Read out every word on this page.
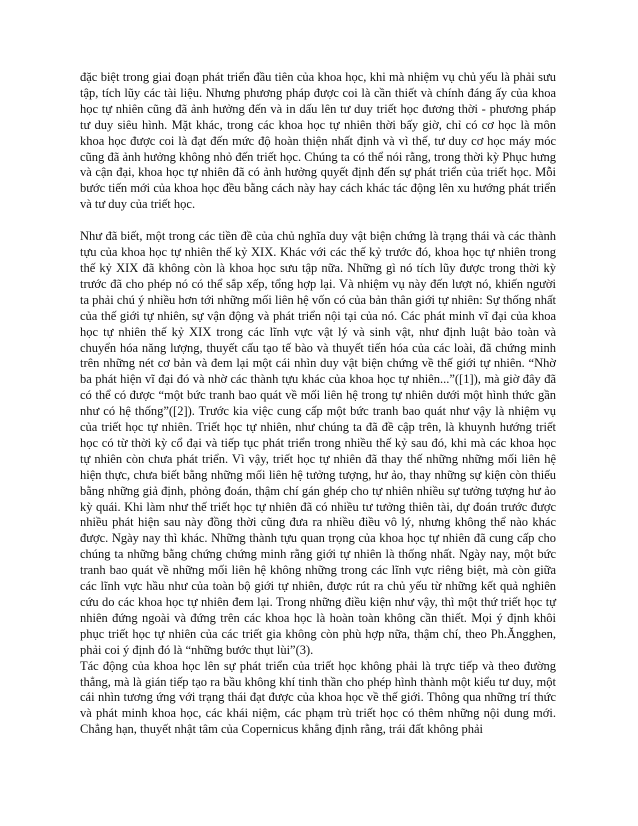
đặc biệt trong giai đoạn phát triển đầu tiên của khoa học, khi mà nhiệm vụ chủ yếu là phải sưu tập, tích lũy các tài liệu. Nhưng phương pháp được coi là cần thiết và chính đáng ấy của khoa học tự nhiên cũng đã ảnh hưởng đến và in dấu lên tư duy triết học đương thời - phương pháp tư duy siêu hình. Mặt khác, trong các khoa học tự nhiên thời bấy giờ, chỉ có cơ học là môn khoa học được coi là đạt đến mức độ hoàn thiện nhất định và vì thế, tư duy cơ học máy móc cũng đã ảnh hưởng không nhỏ đến triết học. Chúng ta có thể nói rằng, trong thời kỳ Phục hưng và cận đại, khoa học tự nhiên đã có ảnh hưởng quyết định đến sự phát triển của triết học. Mỗi bước tiến mới của khoa học đều bằng cách này hay cách khác tác động lên xu hướng phát triển và tư duy của triết học.

Như đã biết, một trong các tiền đề của chủ nghĩa duy vật biện chứng là trạng thái và các thành tựu của khoa học tự nhiên thế kỷ XIX. Khác với các thế kỷ trước đó, khoa học tự nhiên trong thế kỷ XIX đã không còn là khoa học sưu tập nữa. Những gì nó tích lũy được trong thời kỳ trước đã cho phép nó có thể sắp xếp, tổng hợp lại. Và nhiệm vụ này đến lượt nó, khiến người ta phải chú ý nhiều hơn tới những mối liên hệ vốn có của bản thân giới tự nhiên: Sự thống nhất của thế giới tự nhiên, sự vận động và phát triển nội tại của nó. Các phát minh vĩ đại của khoa học tự nhiên thế kỷ XIX trong các lĩnh vực vật lý và sinh vật, như định luật bảo toàn và chuyển hóa năng lượng, thuyết cấu tạo tế bào và thuyết tiến hóa của các loài, đã chứng minh trên những nét cơ bản và đem lại một cái nhìn duy vật biện chứng về thế giới tự nhiên. “Nhờ ba phát hiện vĩ đại đó và nhờ các thành tựu khác của khoa học tự nhiên...”([1]), mà giờ đây đã có thể có được “một bức tranh bao quát về mối liên hệ trong tự nhiên dưới một hình thức gần như có hệ thống”([2]). Trước kia việc cung cấp một bức tranh bao quát như vậy là nhiệm vụ của triết học tự nhiên. Triết học tự nhiên, như chúng ta đã đề cập trên, là khuynh hướng triết học có từ thời kỳ cổ đại và tiếp tục phát triển trong nhiều thế kỷ sau đó, khi mà các khoa học tự nhiên còn chưa phát triển. Vì vậy, triết học tự nhiên đã thay thế những những mối liên hệ hiện thực, chưa biết bằng những mối liên hệ tưởng tượng, hư ảo, thay những sự kiện còn thiếu bằng những giả định, phỏng đoán, thậm chí gán ghép cho tự nhiên nhiều sự tưởng tượng hư ảo kỳ quái. Khi làm như thế triết học tự nhiên đã có nhiều tư tưởng thiên tài, dự đoán trước được nhiều phát hiện sau này đồng thời cũng đưa ra nhiều điều vô lý, nhưng không thể nào khác được. Ngày nay thì khác. Những thành tựu quan trọng của khoa học tự nhiên đã cung cấp cho chúng ta những bằng chứng chứng minh rằng giới tự nhiên là thống nhất. Ngày nay, một bức tranh bao quát về những mối liên hệ không những trong các lĩnh vực riêng biệt, mà còn giữa các lĩnh vực hầu như của toàn bộ giới tự nhiên, được rút ra chủ yếu từ những kết quả nghiên cứu do các khoa học tự nhiên đem lại. Trong những điều kiện như vậy, thì một thứ triết học tự nhiên đứng ngoài và đứng trên các khoa học là hoàn toàn không cần thiết. Mọi ý định khôi phục triết học tự nhiên của các triết gia không còn phù hợp nữa, thậm chí, theo Ph.Ăngghen, phải coi ý định đó là “những bước thụt lùi”(3).

Tác động của khoa học lên sự phát triển của triết học không phải là trực tiếp và theo đường thẳng, mà là gián tiếp tạo ra bầu không khí tinh thần cho phép hình thành một kiểu tư duy, một cái nhìn tương ứng với trạng thái đạt được của khoa học về thế giới. Thông qua những trí thức và phát minh khoa học, các khái niệm, các phạm trù triết học có thêm những nội dung mới. Chẳng hạn, thuyết nhật tâm của Copernicus khẳng định rằng, trái đất không phải
